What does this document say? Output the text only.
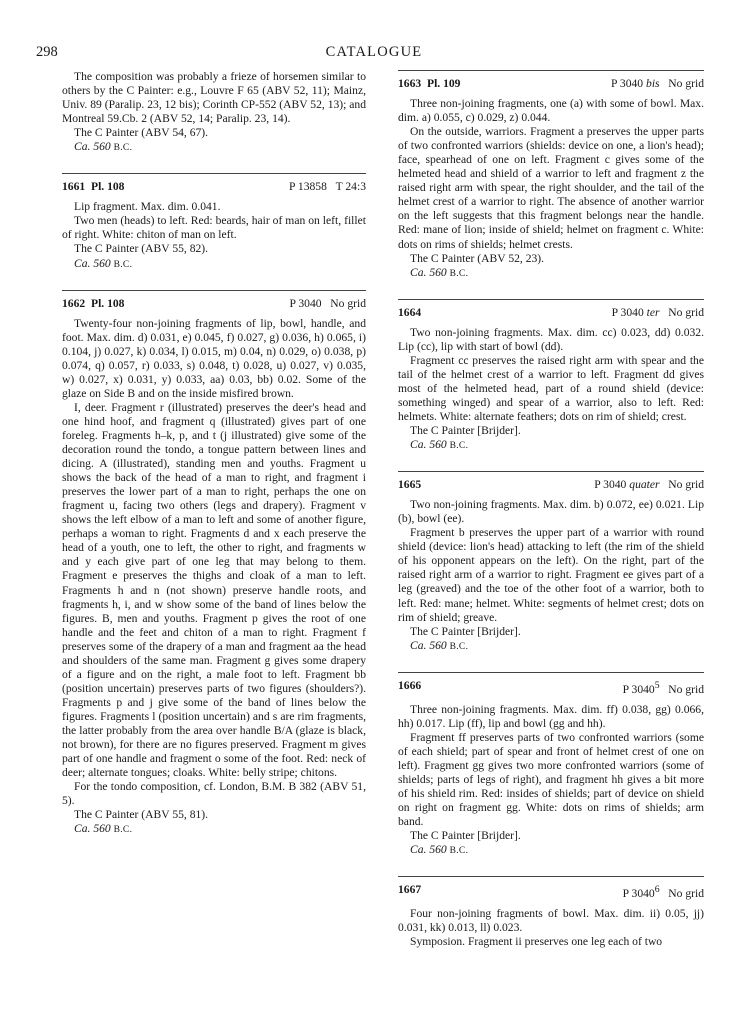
298	CATALOGUE

The composition was probably a frieze of horsemen similar to others by the C Painter: e.g., Louvre F 65 (ABV 52, 11); Mainz, Univ. 89 (Paralip. 23, 12 bis); Corinth CP-552 (ABV 52, 13); and Montreal 59.Cb. 2 (ABV 52, 14; Paralip. 23, 14).

The C Painter (ABV 54, 67).

Ca. 560 B.C.

1661 Pl. 108	P 13858 T 24:3

Lip fragment. Max. dim. 0.041.

Two men (heads) to left. Red: beards, hair of man on left, fillet of right. White: chiton of man on left.

The C Painter (ABV 55, 82).

Ca. 560 B.C.

1662 Pl. 108	P 3040 No grid

Twenty-four non-joining fragments of lip, bowl, handle, and foot. Max. dim. d) 0.031, e) 0.045, f) 0.027, g) 0.036, h) 0.065, i) 0.104, j) 0.027, k) 0.034, l) 0.015, m) 0.04, n) 0.029, o) 0.038, p) 0.074, q) 0.057, r) 0.033, s) 0.048, t) 0.028, u) 0.027, v) 0.035, w) 0.027, x) 0.031, y) 0.033, aa) 0.03, bb) 0.02. Some of the glaze on Side B and on the inside misfired brown.

I, deer. Fragment r (illustrated) preserves the deer's head and one hind hoof, and fragment q (illustrated) gives part of one foreleg. Fragments h–k, p, and t (j illustrated) give some of the decoration round the tondo, a tongue pattern between lines and dicing. A (illustrated), standing men and youths. Fragment u shows the back of the head of a man to right, and fragment i preserves the lower part of a man to right, perhaps the one on fragment u, facing two others (legs and drapery). Fragment v shows the left elbow of a man to left and some of another figure, perhaps a woman to right. Fragments d and x each preserve the head of a youth, one to left, the other to right, and fragments w and y each give part of one leg that may belong to them. Fragment e preserves the thighs and cloak of a man to left. Fragments h and n (not shown) preserve handle roots, and fragments h, i, and w show some of the band of lines below the figures. B, men and youths. Fragment p gives the root of one handle and the feet and chiton of a man to right. Fragment f preserves some of the drapery of a man and fragment aa the head and shoulders of the same man. Fragment g gives some drapery of a figure and on the right, a male foot to left. Fragment bb (position uncertain) preserves parts of two figures (shoulders?). Fragments p and j give some of the band of lines below the figures. Fragments l (position uncertain) and s are rim fragments, the latter probably from the area over handle B/A (glaze is black, not brown), for there are no figures preserved. Fragment m gives part of one handle and fragment o some of the foot. Red: neck of deer; alternate tongues; cloaks. White: belly stripe; chitons.

For the tondo composition, cf. London, B.M. B 382 (ABV 51, 5).

The C Painter (ABV 55, 81).

Ca. 560 B.C.

1663 Pl. 109	P 3040 bis No grid

Three non-joining fragments, one (a) with some of bowl. Max. dim. a) 0.055, c) 0.029, z) 0.044.

On the outside, warriors. Fragment a preserves the upper parts of two confronted warriors (shields: device on one, a lion's head); face, spearhead of one on left. Fragment c gives some of the helmeted head and shield of a warrior to left and fragment z the raised right arm with spear, the right shoulder, and the tail of the helmet crest of a warrior to right. The absence of another warrior on the left suggests that this fragment belongs near the handle. Red: mane of lion; inside of shield; helmet on fragment c. White: dots on rims of shields; helmet crests.

The C Painter (ABV 52, 23).

Ca. 560 B.C.

1664	P 3040 ter No grid

Two non-joining fragments. Max. dim. cc) 0.023, dd) 0.032. Lip (cc), lip with start of bowl (dd).

Fragment cc preserves the raised right arm with spear and the tail of the helmet crest of a warrior to left. Fragment dd gives most of the helmeted head, part of a round shield (device: something winged) and spear of a warrior, also to left. Red: helmets. White: alternate feathers; dots on rim of shield; crest.

The C Painter [Brijder].

Ca. 560 B.C.

1665	P 3040 quater No grid

Two non-joining fragments. Max. dim. b) 0.072, ee) 0.021. Lip (b), bowl (ee).

Fragment b preserves the upper part of a warrior with round shield (device: lion's head) attacking to left (the rim of the shield of his opponent appears on the left). On the right, part of the raised right arm of a warrior to right. Fragment ee gives part of a leg (greaved) and the toe of the other foot of a warrior, both to left. Red: mane; helmet. White: segments of helmet crest; dots on rim of shield; greave.

The C Painter [Brijder].

Ca. 560 B.C.

1666	P 3040$^5$ No grid

Three non-joining fragments. Max. dim. ff) 0.038, gg) 0.066, hh) 0.017. Lip (ff), lip and bowl (gg and hh).

Fragment ff preserves parts of two confronted warriors (some of each shield; part of spear and front of helmet crest of one on left). Fragment gg gives two more confronted warriors (some of shields; parts of legs of right), and fragment hh gives a bit more of his shield rim. Red: insides of shields; part of device on shield on right on fragment gg. White: dots on rims of shields; arm band.

The C Painter [Brijder].

Ca. 560 B.C.

1667	P 3040$^6$ No grid

Four non-joining fragments of bowl. Max. dim. ii) 0.05, jj) 0.031, kk) 0.013, ll) 0.023.

Symposion. Fragment ii preserves one leg each of two
